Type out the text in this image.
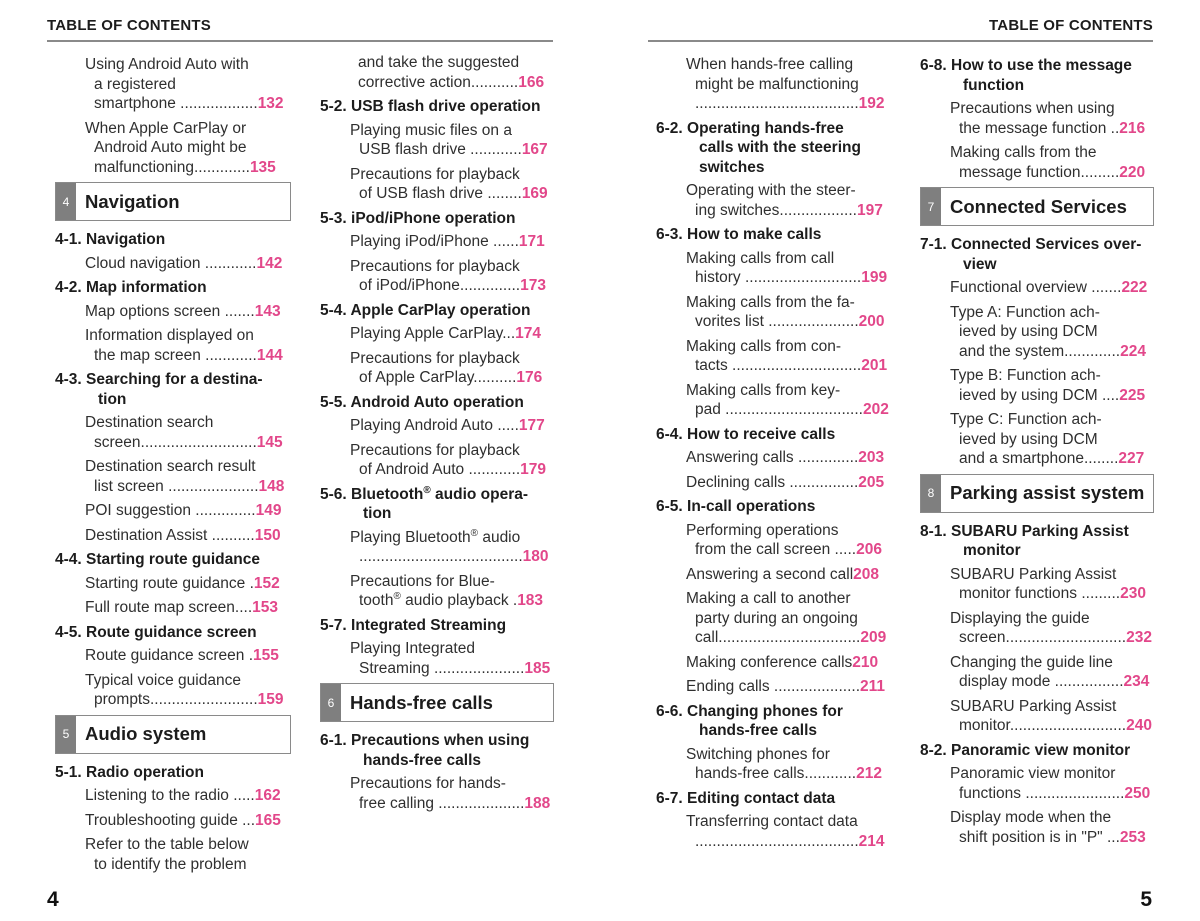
TABLE OF CONTENTS	TABLE OF CONTENTS
Using Android Auto with
a registered
smartphone ..................132
When Apple CarPlay or
Android Auto might be
malfunctioning.............135
4 Navigation
4-1. Navigation
Cloud navigation ............142
4-2. Map information
Map options screen .......143
Information displayed on
the map screen ............144
4-3. Searching for a destina-
tion
Destination search
screen...........................145
Destination search result
list screen .....................148
POI suggestion ..............149
Destination Assist ..........150
4-4. Starting route guidance
Starting route guidance .152
Full route map screen....153
4-5. Route guidance screen
Route guidance screen .155
Typical voice guidance
prompts.........................159
5 Audio system
5-1. Radio operation
Listening to the radio .....162
Troubleshooting guide ...165
Refer to the table below
to identify the problem
and take the suggested
corrective action...........166
5-2. USB flash drive operation
Playing music files on a
USB flash drive ............167
Precautions for playback
of USB flash drive ........169
5-3. iPod/iPhone operation
Playing iPod/iPhone ......171
Precautions for playback
of iPod/iPhone..............173
5-4. Apple CarPlay operation
Playing Apple CarPlay...174
Precautions for playback
of Apple CarPlay..........176
5-5. Android Auto operation
Playing Android Auto .....177
Precautions for playback
of Android Auto ............179
5-6. Bluetooth® audio opera-
tion
Playing Bluetooth® audio
......................................180
Precautions for Blue-
tooth® audio playback .183
5-7. Integrated Streaming
Playing Integrated
Streaming .....................185
6 Hands-free calls
6-1. Precautions when using
hands-free calls
Precautions for hands-
free calling ....................188
When hands-free calling
might be malfunctioning
......................................192
6-2. Operating hands-free
calls with the steering
switches
Operating with the steer-
ing switches..................197
6-3. How to make calls
Making calls from call
history ...........................199
Making calls from the fa-
vorites list .....................200
Making calls from con-
tacts ..............................201
Making calls from key-
pad ................................202
6-4. How to receive calls
Answering calls ..............203
Declining calls ................205
6-5. In-call operations
Performing operations
from the call screen .....206
Answering a second call208
Making a call to another
party during an ongoing
call.................................209
Making conference calls210
Ending calls ....................211
6-6. Changing phones for
hands-free calls
Switching phones for
hands-free calls............212
6-7. Editing contact data
Transferring contact data
......................................214
6-8. How to use the message
function
Precautions when using
the message function ..216
Making calls from the
message function.........220
7 Connected Services
7-1. Connected Services over-
view
Functional overview .......222
Type A: Function ach-
ieved by using DCM
and the system.............224
Type B: Function ach-
ieved by using DCM ....225
Type C: Function ach-
ieved by using DCM
and a smartphone........227
8 Parking assist system
8-1. SUBARU Parking Assist
monitor
SUBARU Parking Assist
monitor functions .........230
Displaying the guide
screen............................232
Changing the guide line
display mode ................234
SUBARU Parking Assist
monitor...........................240
8-2. Panoramic view monitor
Panoramic view monitor
functions .......................250
Display mode when the
shift position is in "P" ...253
4	5
